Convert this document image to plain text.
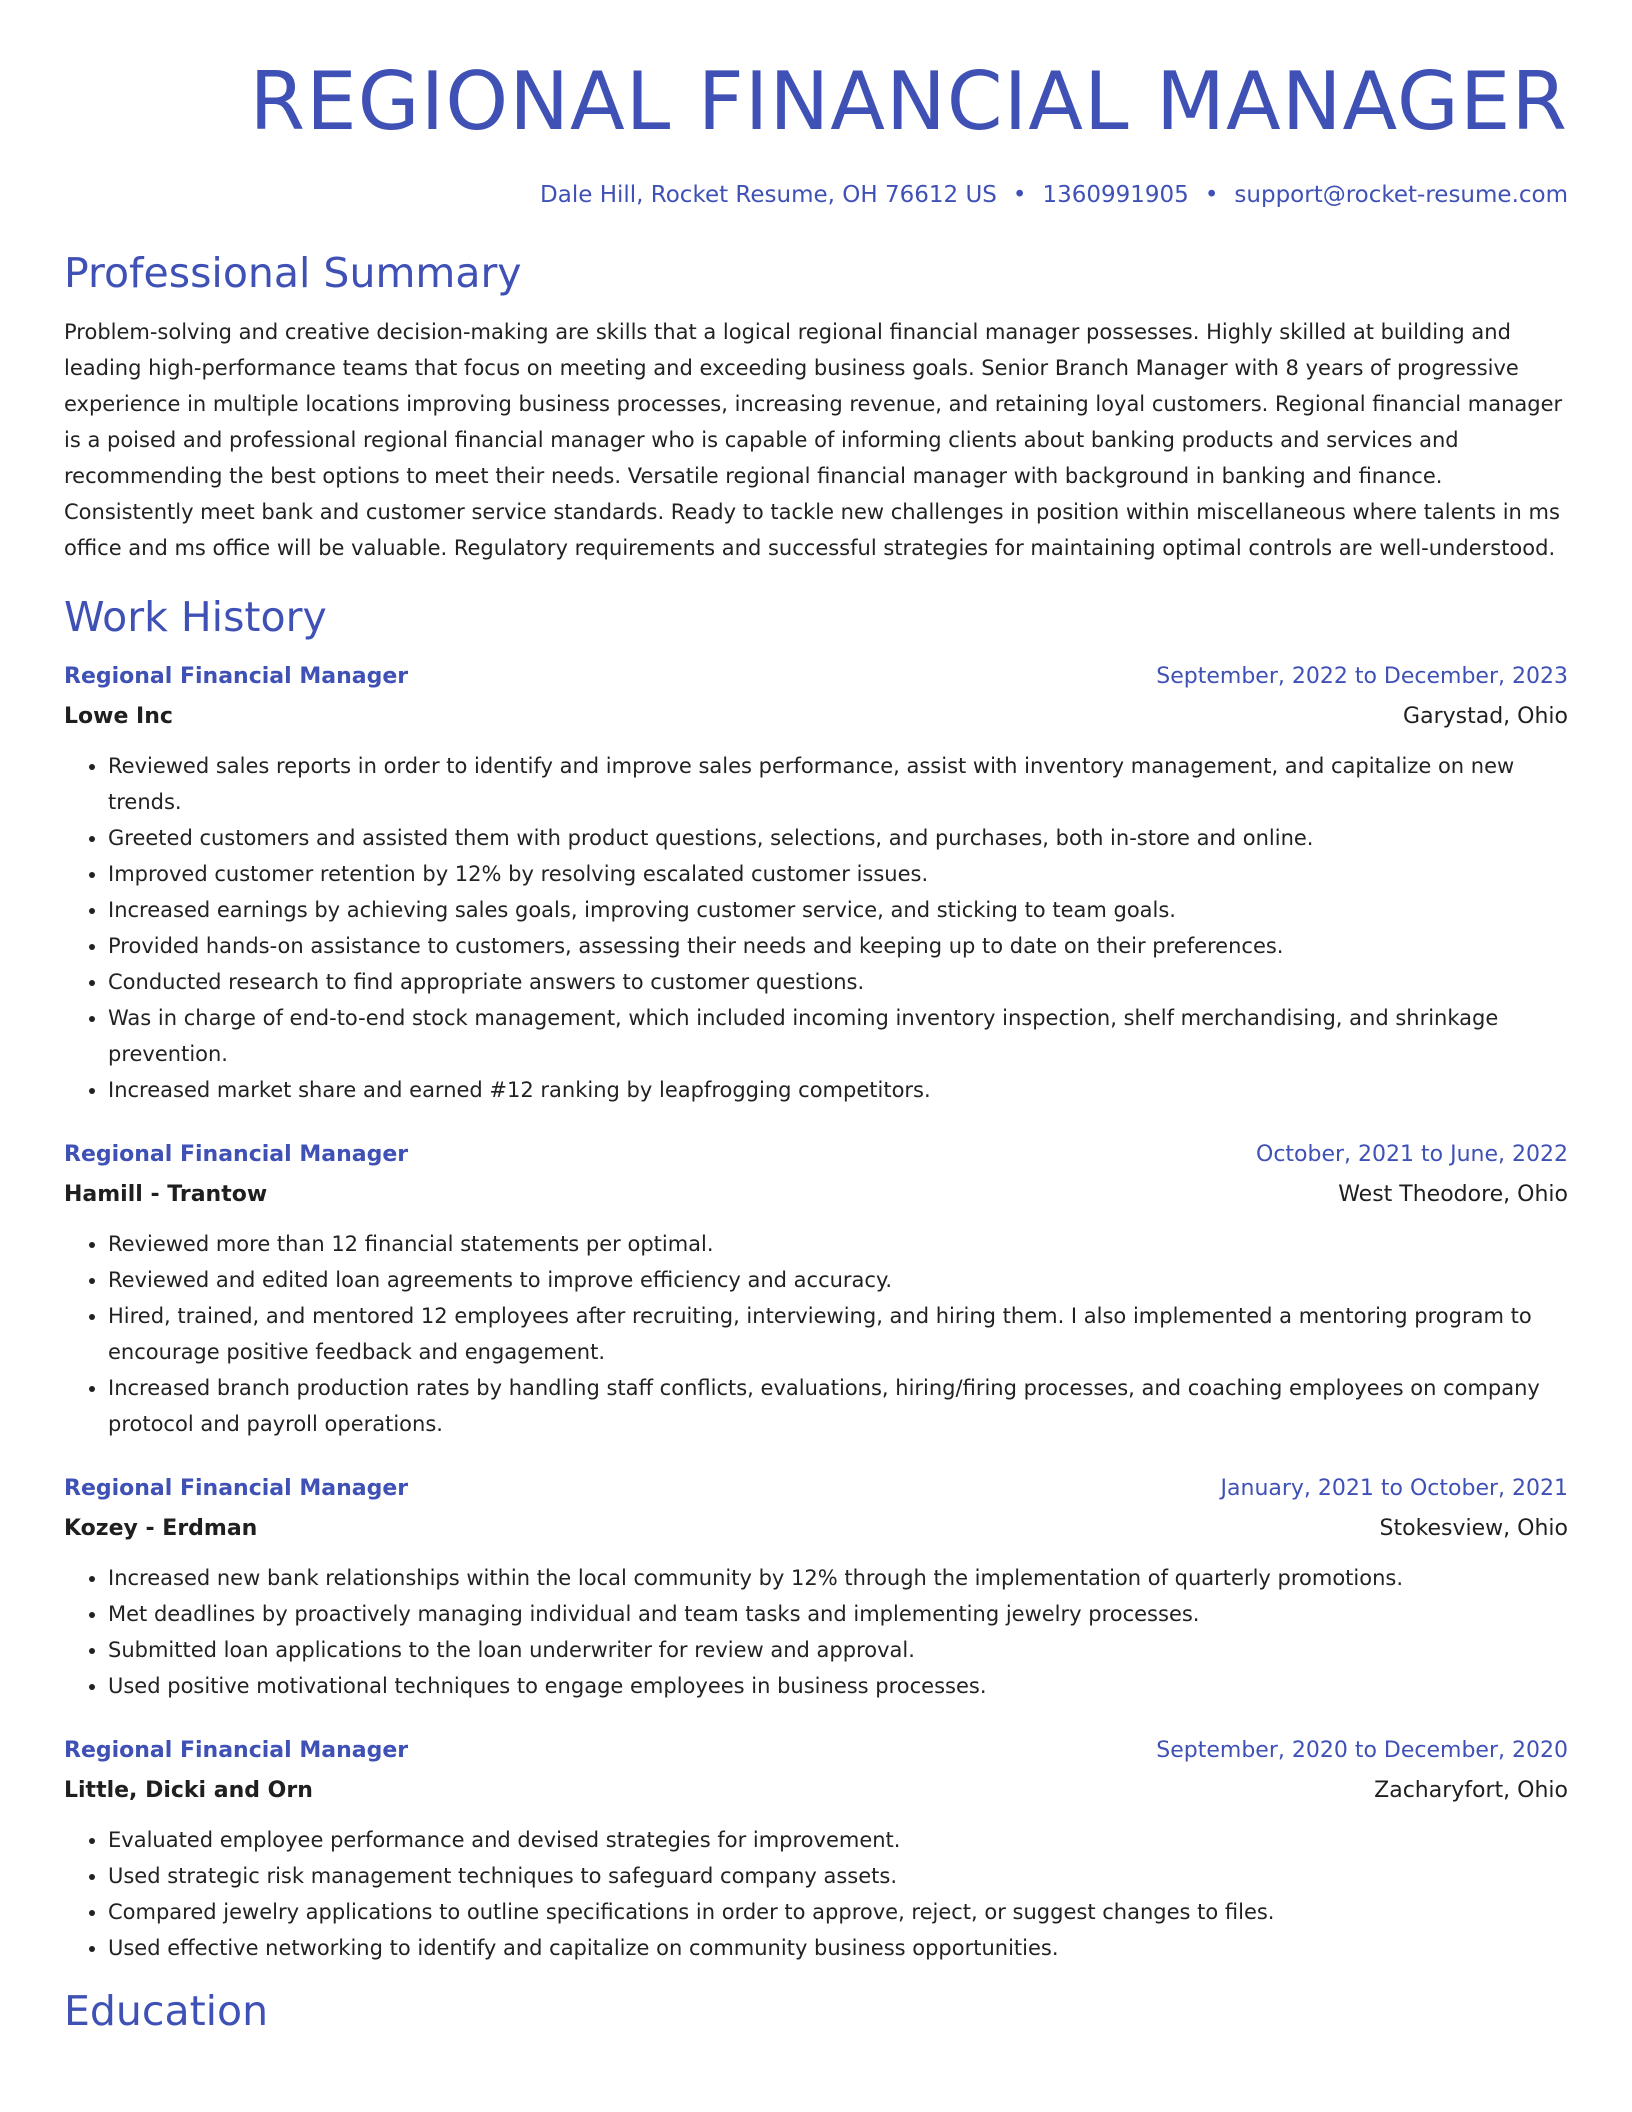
REGIONAL FINANCIAL MANAGER
Dale Hill, Rocket Resume, OH 76612 US • 1360991905 • support@rocket-resume.com
Professional Summary

Problem-solving and creative decision-making are skills that a logical regional financial manager possesses. Highly skilled at building and leading high-performance teams that focus on meeting and exceeding business goals. Senior Branch Manager with 8 years of progressive experience in multiple locations improving business processes, increasing revenue, and retaining loyal customers. Regional financial manager is a poised and professional regional financial manager who is capable of informing clients about banking products and services and recommending the best options to meet their needs. Versatile regional financial manager with background in banking and finance. Consistently meet bank and customer service standards. Ready to tackle new challenges in position within miscellaneous where talents in ms office and ms office will be valuable. Regulatory requirements and successful strategies for maintaining optimal controls are well-understood.

Work History
Regional Financial Manager	September, 2022 to December, 2023
Lowe Inc	Garystad, Ohio
• Reviewed sales reports in order to identify and improve sales performance, assist with inventory management, and capitalize on new trends.
• Greeted customers and assisted them with product questions, selections, and purchases, both in-store and online.
• Improved customer retention by 12% by resolving escalated customer issues.
• Increased earnings by achieving sales goals, improving customer service, and sticking to team goals.
• Provided hands-on assistance to customers, assessing their needs and keeping up to date on their preferences.
• Conducted research to find appropriate answers to customer questions.
• Was in charge of end-to-end stock management, which included incoming inventory inspection, shelf merchandising, and shrinkage prevention.
• Increased market share and earned #12 ranking by leapfrogging competitors.
Regional Financial Manager	October, 2021 to June, 2022
Hamill - Trantow	West Theodore, Ohio
• Reviewed more than 12 financial statements per optimal.
• Reviewed and edited loan agreements to improve efficiency and accuracy.
• Hired, trained, and mentored 12 employees after recruiting, interviewing, and hiring them. I also implemented a mentoring program to encourage positive feedback and engagement.
• Increased branch production rates by handling staff conflicts, evaluations, hiring/firing processes, and coaching employees on company protocol and payroll operations.
Regional Financial Manager	January, 2021 to October, 2021
Kozey - Erdman	Stokesview, Ohio
• Increased new bank relationships within the local community by 12% through the implementation of quarterly promotions.
• Met deadlines by proactively managing individual and team tasks and implementing jewelry processes.
• Submitted loan applications to the loan underwriter for review and approval.
• Used positive motivational techniques to engage employees in business processes.
Regional Financial Manager	September, 2020 to December, 2020
Little, Dicki and Orn	Zacharyfort, Ohio
• Evaluated employee performance and devised strategies for improvement.
• Used strategic risk management techniques to safeguard company assets.
• Compared jewelry applications to outline specifications in order to approve, reject, or suggest changes to files.
• Used effective networking to identify and capitalize on community business opportunities.
Education
